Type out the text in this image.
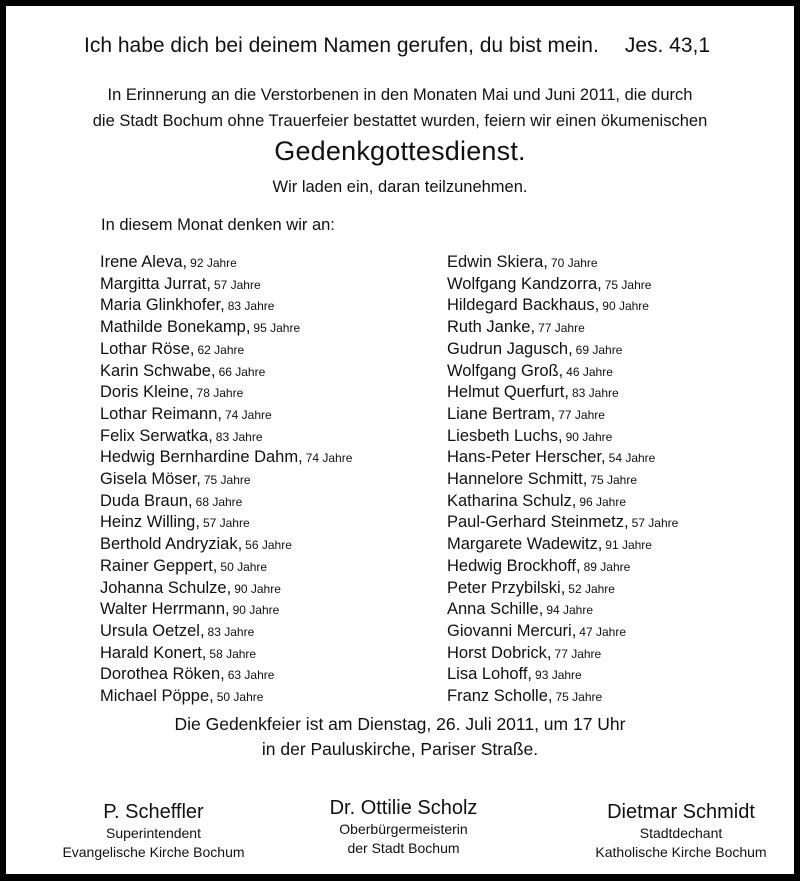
Ich habe dich bei deinem Namen gerufen, du bist mein. Jes. 43,1
In Erinnerung an die Verstorbenen in den Monaten Mai und Juni 2011, die durch
die Stadt Bochum ohne Trauerfeier bestattet wurden, feiern wir einen ökumenischen
Gedenkgottesdienst.
Wir laden ein, daran teilzunehmen.
In diesem Monat denken wir an:
Irene Aleva, 92 Jahre
Margitta Jurrat, 57 Jahre
Maria Glinkhofer, 83 Jahre
Mathilde Bonekamp, 95 Jahre
Lothar Röse, 62 Jahre
Karin Schwabe, 66 Jahre
Doris Kleine, 78 Jahre
Lothar Reimann, 74 Jahre
Felix Serwatka, 83 Jahre
Hedwig Bernhardine Dahm, 74 Jahre
Gisela Möser, 75 Jahre
Duda Braun, 68 Jahre
Heinz Willing, 57 Jahre
Berthold Andryziak, 56 Jahre
Rainer Geppert, 50 Jahre
Johanna Schulze, 90 Jahre
Walter Herrmann, 90 Jahre
Ursula Oetzel, 83 Jahre
Harald Konert, 58 Jahre
Dorothea Röken, 63 Jahre
Michael Pöppe, 50 Jahre
Edwin Skiera, 70 Jahre
Wolfgang Kandzorra, 75 Jahre
Hildegard Backhaus, 90 Jahre
Ruth Janke, 77 Jahre
Gudrun Jagusch, 69 Jahre
Wolfgang Groß, 46 Jahre
Helmut Querfurt, 83 Jahre
Liane Bertram, 77 Jahre
Liesbeth Luchs, 90 Jahre
Hans-Peter Herscher, 54 Jahre
Hannelore Schmitt, 75 Jahre
Katharina Schulz, 96 Jahre
Paul-Gerhard Steinmetz, 57 Jahre
Margarete Wadewitz, 91 Jahre
Hedwig Brockhoff, 89 Jahre
Peter Przybilski, 52 Jahre
Anna Schille, 94 Jahre
Giovanni Mercuri, 47 Jahre
Horst Dobrick, 77 Jahre
Lisa Lohoff, 93 Jahre
Franz Scholle, 75 Jahre
Die Gedenkfeier ist am Dienstag, 26. Juli 2011, um 17 Uhr
in der Pauluskirche, Pariser Straße.
P. Scheffler
Superintendent
Evangelische Kirche Bochum
Dr. Ottilie Scholz
Oberbürgermeisterin
der Stadt Bochum
Dietmar Schmidt
Stadtdechant
Katholische Kirche Bochum
